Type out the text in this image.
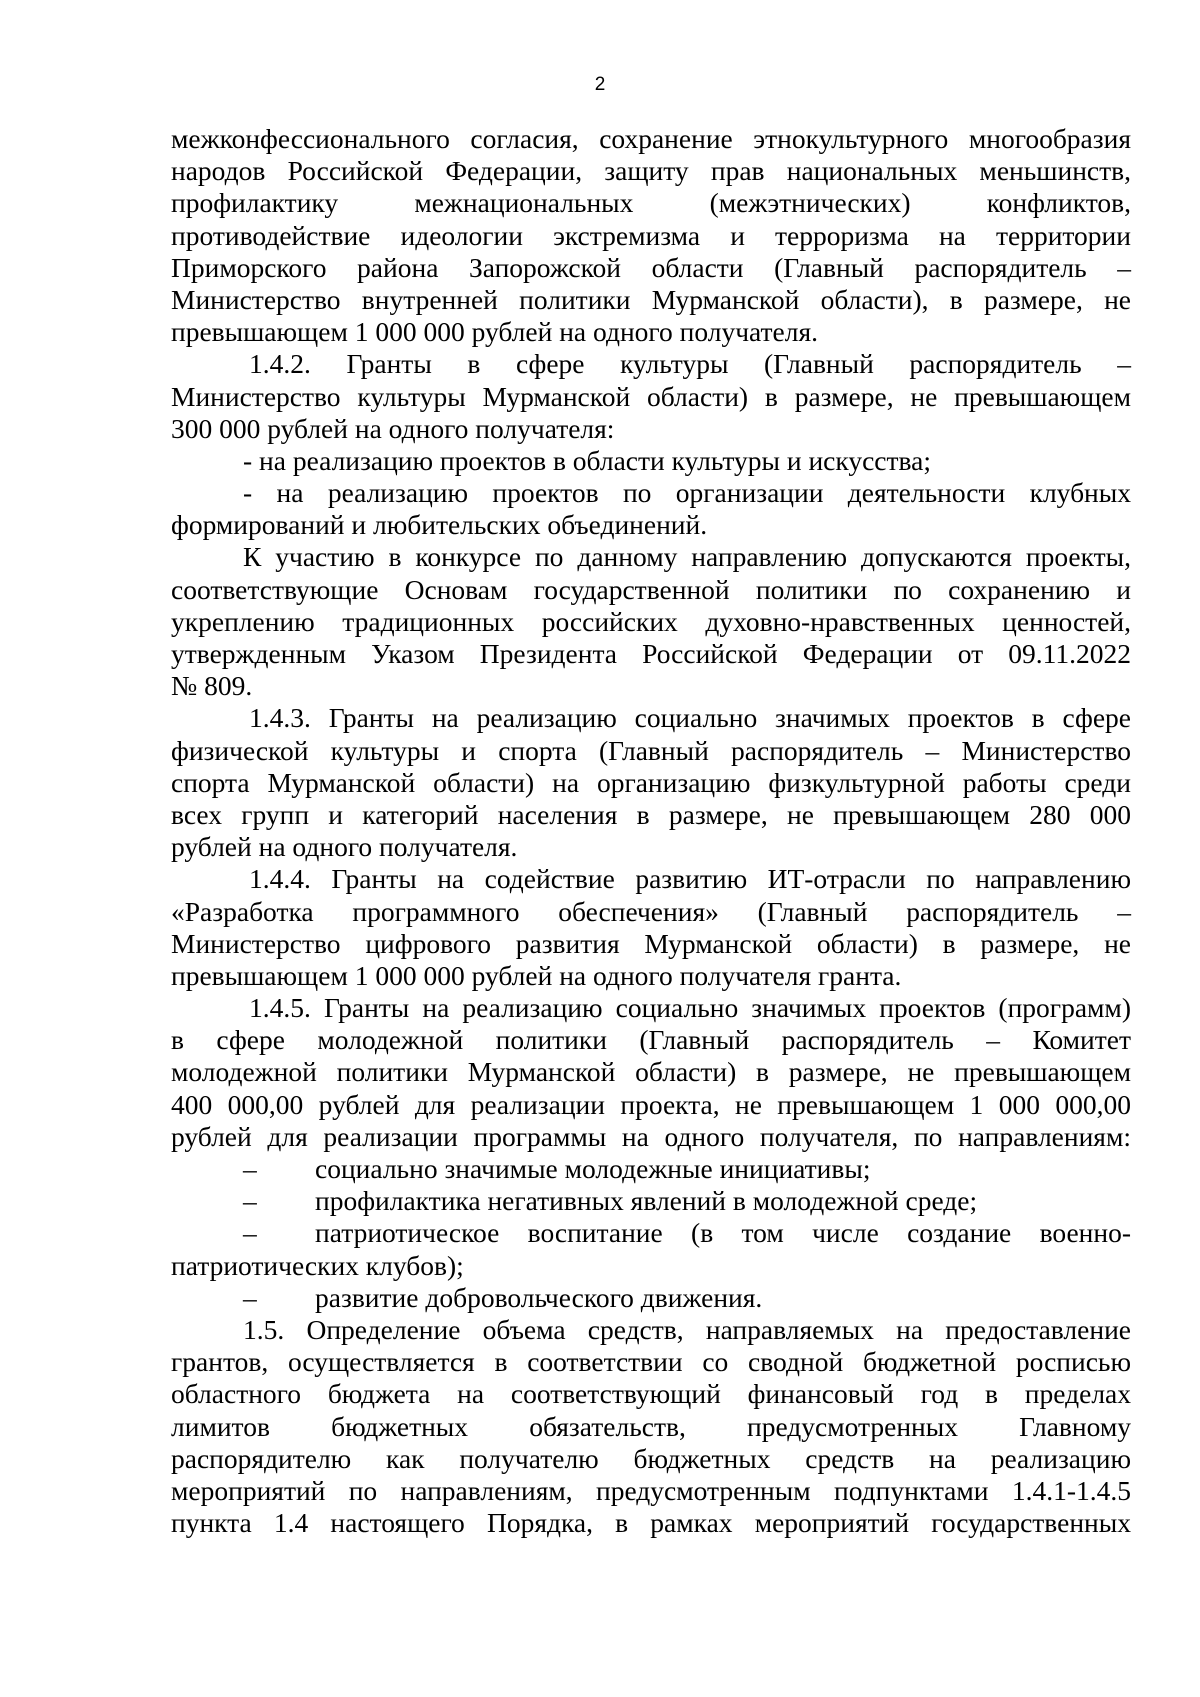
2
межконфессионального согласия, сохранение этнокультурного многообразия
народов Российской Федерации, защиту прав национальных меньшинств,
профилактику межнациональных (межэтнических) конфликтов,
противодействие идеологии экстремизма и терроризма на территории
Приморского района Запорожской области (Главный распорядитель –
Министерство внутренней политики Мурманской области), в размере, не
превышающем 1 000 000 рублей на одного получателя.
1.4.2. Гранты в сфере культуры (Главный распорядитель –
Министерство культуры Мурманской области) в размере, не превышающем
300 000 рублей на одного получателя:
- на реализацию проектов в области культуры и искусства;
- на реализацию проектов по организации деятельности клубных
формирований и любительских объединений.
К участию в конкурсе по данному направлению допускаются проекты,
соответствующие Основам государственной политики по сохранению и
укреплению традиционных российских духовно-нравственных ценностей,
утвержденным Указом Президента Российской Федерации от 09.11.2022
№ 809.
1.4.3. Гранты на реализацию социально значимых проектов в сфере
физической культуры и спорта (Главный распорядитель – Министерство
спорта Мурманской области) на организацию физкультурной работы среди
всех групп и категорий населения в размере, не превышающем 280 000
рублей на одного получателя.
1.4.4. Гранты на содействие развитию ИТ-отрасли по направлению
«Разработка программного обеспечения» (Главный распорядитель –
Министерство цифрового развития Мурманской области) в размере, не
превышающем 1 000 000 рублей на одного получателя гранта.
1.4.5. Гранты на реализацию социально значимых проектов (программ)
в сфере молодежной политики (Главный распорядитель – Комитет
молодежной политики Мурманской области) в размере, не превышающем
400 000,00 рублей для реализации проекта, не превышающем 1 000 000,00
рублей для реализации программы на одного получателя, по направлениям:
– социально значимые молодежные инициативы;
– профилактика негативных явлений в молодежной среде;
–	патриотическое воспитание (в том числе создание военно-
патриотических клубов);
– развитие добровольческого движения.
1.5. Определение объема средств, направляемых на предоставление
грантов, осуществляется в соответствии со сводной бюджетной росписью
областного бюджета на соответствующий финансовый год в пределах
лимитов бюджетных обязательств, предусмотренных Главному
распорядителю как получателю бюджетных средств на реализацию
мероприятий по направлениям, предусмотренным подпунктами 1.4.1-1.4.5
пункта 1.4 настоящего Порядка, в рамках мероприятий государственных
